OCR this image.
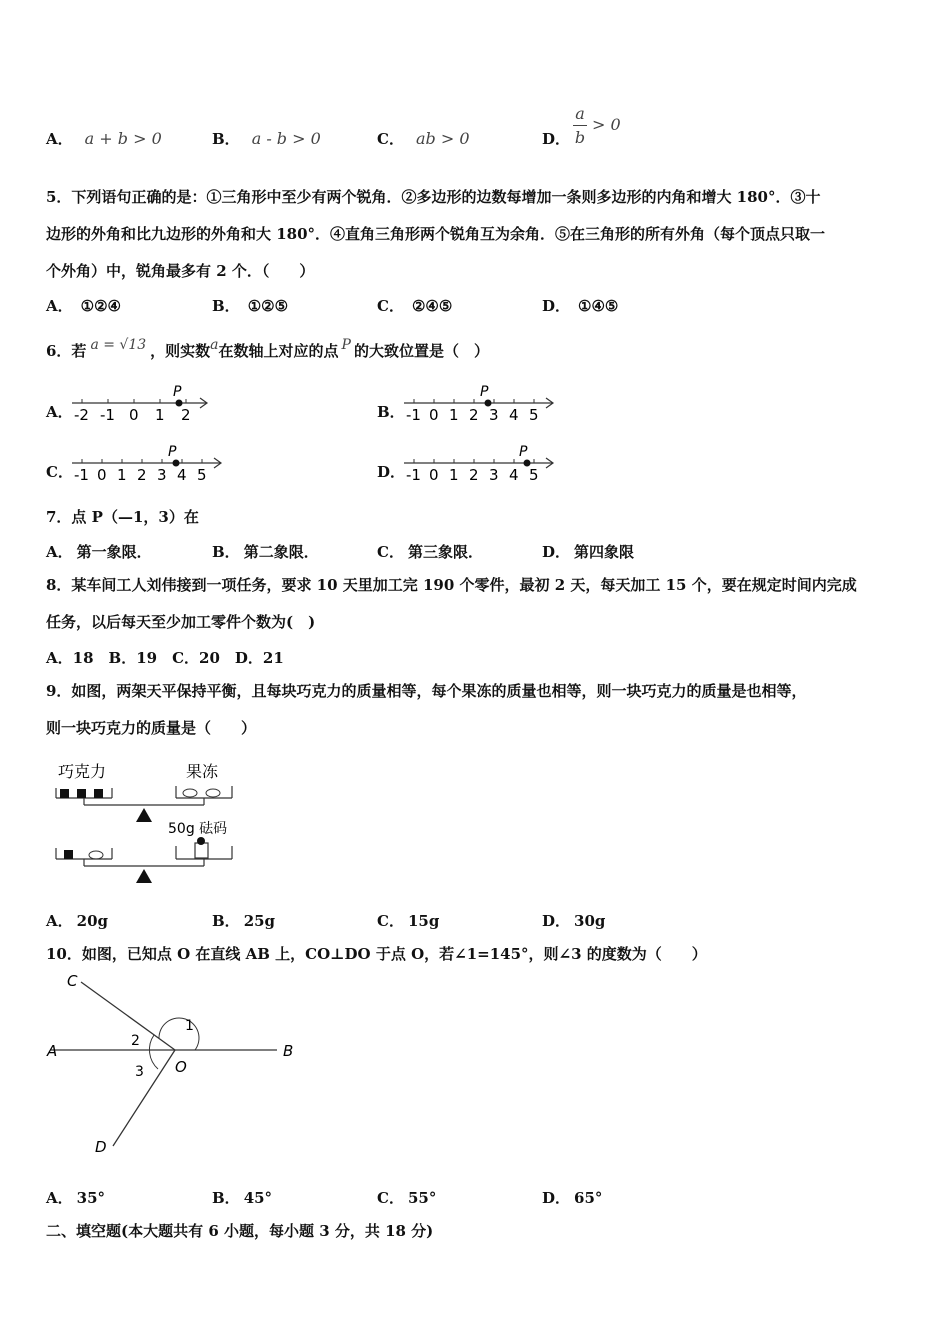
A． a + b > 0	B． a - b > 0	C． ab > 0	D．
a
b
> 0
5．下列语句正确的是：①三角形中至少有两个锐角．②多边形的边数每增加一条则多边形的内角和增大 180°．③十
边形的外角和比九边形的外角和大 180°．④直角三角形两个锐角互为余角．⑤在三角形的所有外角（每个顶点只取一
个外角）中，锐角最多有 2 个．（　　）
A． ①②④	B． ①②⑤	C． ②④⑤	D． ①④⑤
6．若 a = √13 ，则实数a在数轴上对应的点 P 的大致位置是（　）
A．
P
-2 -1 0 1 2	B．
P
-1 0 1 2 3 4 5
C．
P
-1 0 1 2 3 4 5	D．
P
-1 0 1 2 3 4 5
7．点 P（—1，3）在
A． 第一象限．	B． 第二象限．	C． 第三象限．	D． 第四象限
8．某车间工人刘伟接到一项任务，要求 10 天里加工完 190 个零件，最初 2 天，每天加工 15 个，要在规定时间内完成
任务，以后每天至少加工零件个数为(　)
A．18　B．19　C．20　D．21
9．如图，两架天平保持平衡，且每块巧克力的质量相等，每个果冻的质量也相等，则一块巧克力的质量是也相等，
则一块巧克力的质量是（　　）
巧克力	果冻
50g 砝码
A． 20g	B． 25g	C． 15g	D． 30g
10．如图，已知点 O 在直线 AB 上，CO⊥DO 于点 O，若∠1=145°，则∠3 的度数为（　　）
C
A	B
D
O
1
2
3
A． 35°	B． 45°	C． 55°	D． 65°
二、填空题(本大题共有 6 小题，每小题 3 分，共 18 分)
